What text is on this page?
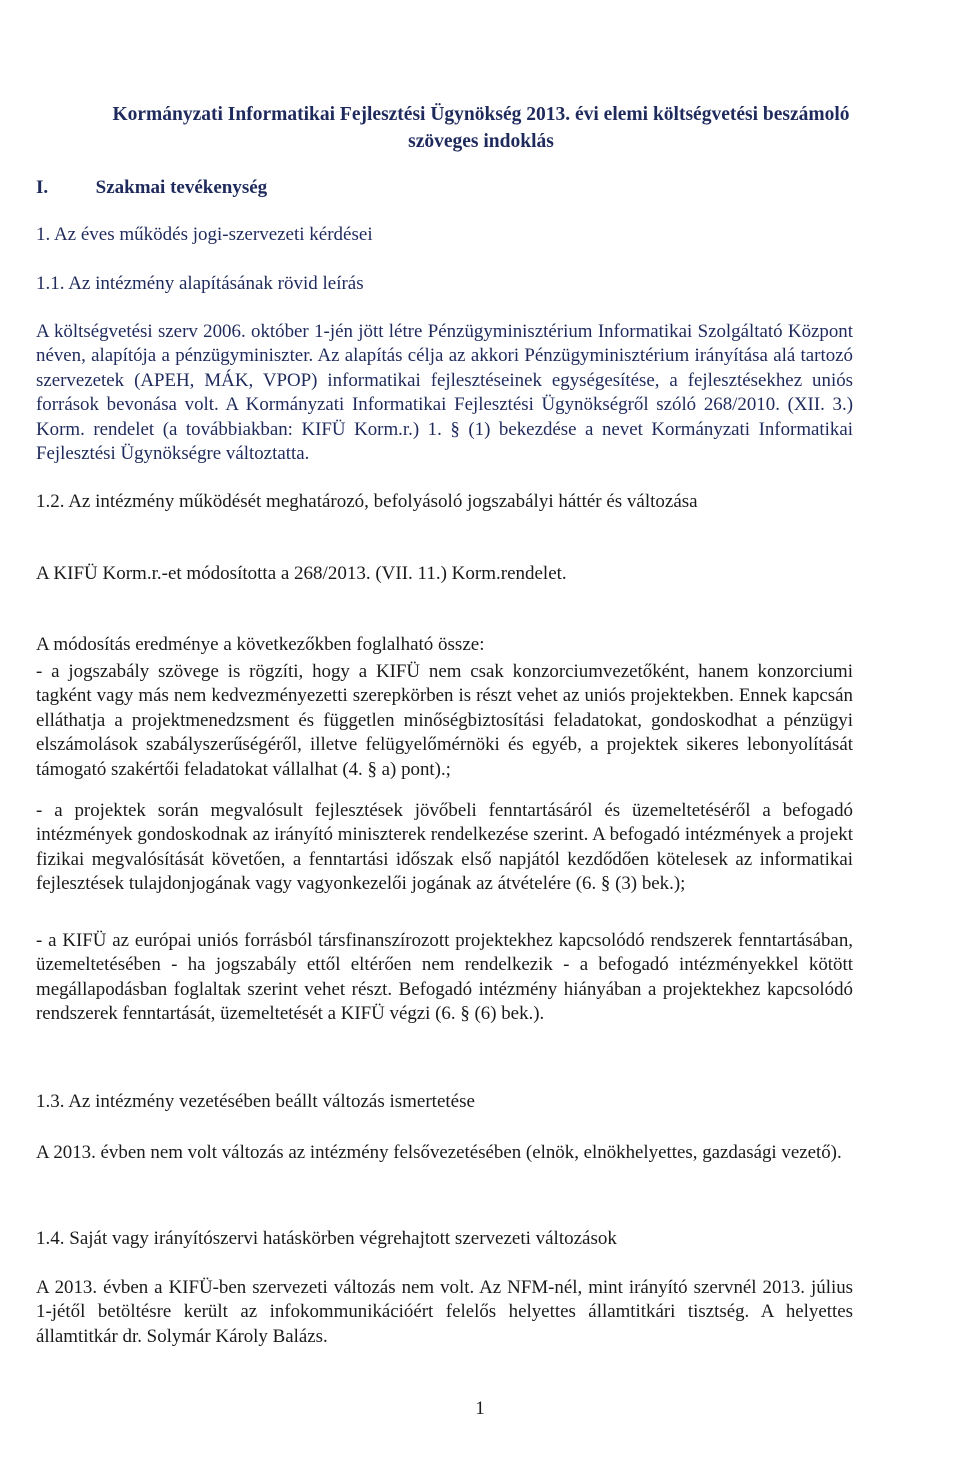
Kormányzati Informatikai Fejlesztési Ügynökség 2013. évi elemi költségvetési beszámoló
szöveges indoklás
I.	Szakmai tevékenység
1. Az éves működés jogi-szervezeti kérdései
1.1. Az intézmény alapításának rövid leírás

A költségvetési szerv 2006. október 1-jén jött létre Pénzügyminisztérium Informatikai Szolgáltató Központ néven, alapítója a pénzügyminiszter. Az alapítás célja az akkori Pénzügyminisztérium irányítása alá tartozó szervezetek (APEH, MÁK, VPOP) informatikai fejlesztéseinek egységesítése, a fejlesztésekhez uniós források bevonása volt. A Kormányzati Informatikai Fejlesztési Ügynökségről szóló 268/2010. (XII. 3.) Korm. rendelet (a továbbiakban: KIFÜ Korm.r.) 1. § (1) bekezdése a nevet Kormányzati Informatikai Fejlesztési Ügynökségre változtatta.

1.2. Az intézmény működését meghatározó, befolyásoló jogszabályi háttér és változása
A KIFÜ Korm.r.-et módosította a 268/2013. (VII. 11.) Korm.rendelet.
A módosítás eredménye a következőkben foglalható össze:

- a jogszabály szövege is rögzíti, hogy a KIFÜ nem csak konzorciumvezetőként, hanem konzorciumi tagként vagy más nem kedvezményezetti szerepkörben is részt vehet az uniós projektekben. Ennek kapcsán elláthatja a projektmenedzsment és független minőségbiztosítási feladatokat, gondoskodhat a pénzügyi elszámolások szabályszerűségéről, illetve felügyelőmérnöki és egyéb, a projektek sikeres lebonyolítását támogató szakértői feladatokat vállalhat (4. § a) pont).;

- a projektek során megvalósult fejlesztések jövőbeli fenntartásáról és üzemeltetéséről a befogadó intézmények gondoskodnak az irányító miniszterek rendelkezése szerint. A befogadó intézmények a projekt fizikai megvalósítását követően, a fenntartási időszak első napjától kezdődően kötelesek az informatikai fejlesztések tulajdonjogának vagy vagyonkezelői jogának az átvételére (6. § (3) bek.);

- a KIFÜ az európai uniós forrásból társfinanszírozott projektekhez kapcsolódó rendszerek fenntartásában, üzemeltetésében - ha jogszabály ettől eltérően nem rendelkezik - a befogadó intézményekkel kötött megállapodásban foglaltak szerint vehet részt. Befogadó intézmény hiányában a projektekhez kapcsolódó rendszerek fenntartását, üzemeltetését a KIFÜ végzi (6. § (6) bek.).

1.3. Az intézmény vezetésében beállt változás ismertetése

A 2013. évben nem volt változás az intézmény felsővezetésében (elnök, elnökhelyettes, gazdasági vezető).

1.4. Saját vagy irányítószervi hatáskörben végrehajtott szervezeti változások

A 2013. évben a KIFÜ-ben szervezeti változás nem volt. Az NFM-nél, mint irányító szervnél 2013. július 1-jétől betöltésre került az infokommunikációért felelős helyettes államtitkári tisztség. A helyettes államtitkár dr. Solymár Károly Balázs.

1
